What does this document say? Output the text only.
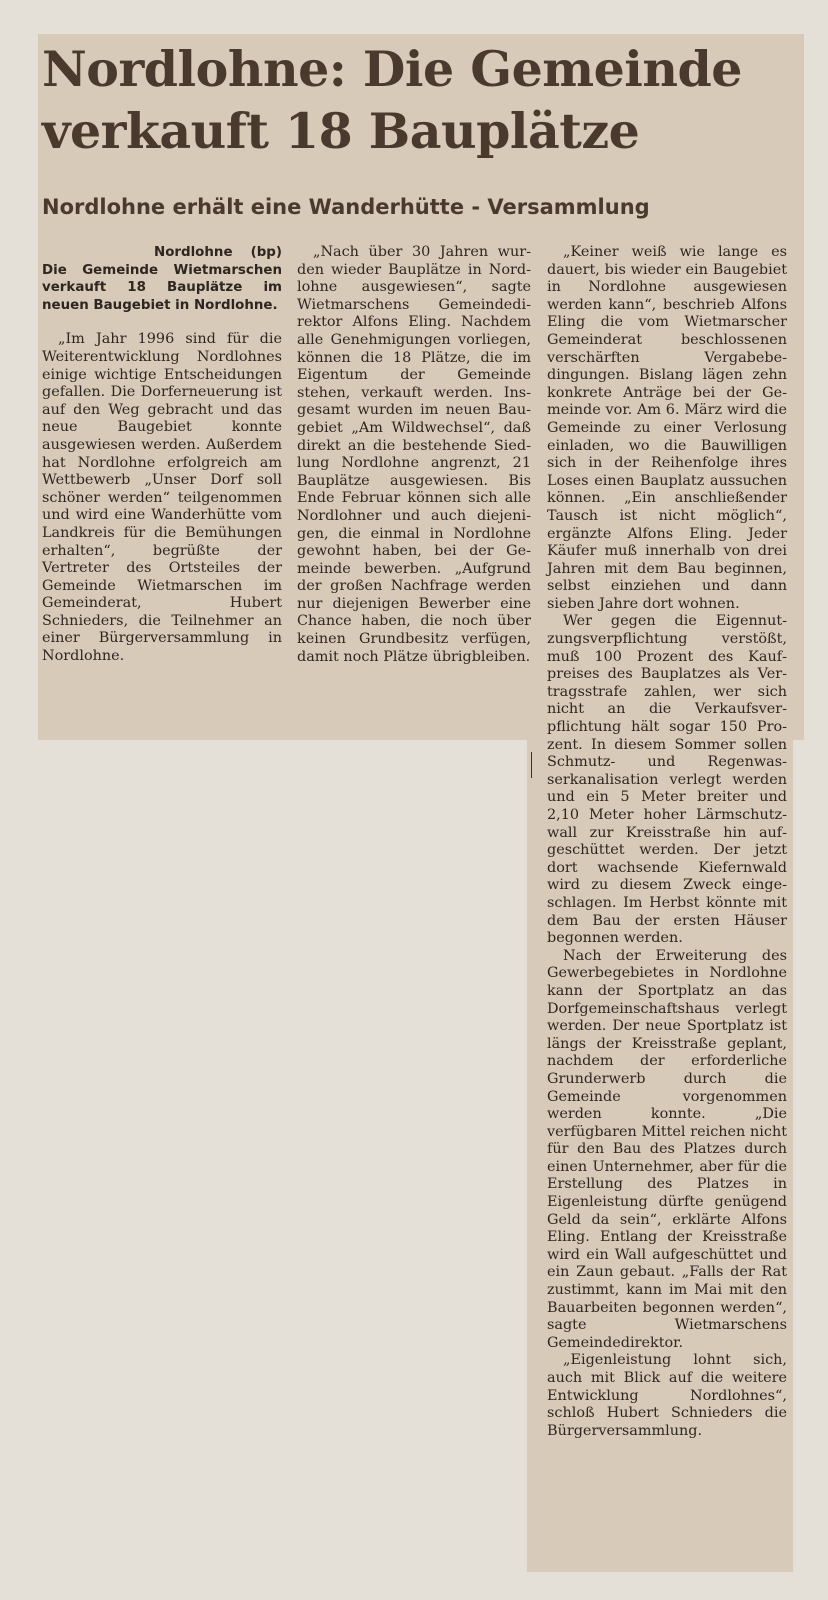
Nordlohne: Die Gemeinde verkauft 18 Bauplätze
Nordlohne erhält eine Wanderhütte - Versammlung

Nordlohne (bp) Die Gemeinde Wietmarschen verkauft 18 Bauplätze im neuen Baugebiet in Nordlohne.

„Im Jahr 1996 sind für die Weiterentwicklung Nordlohnes einige wichtige Entscheidungen gefallen. Die Dorferneuerung ist auf den Weg gebracht und das neue Baugebiet konnte ausgewiesen werden. Außerdem hat Nordlohne erfolgreich am Wettbewerb „Unser Dorf soll schöner werden“ teilgenommen und wird eine Wanderhütte vom Landkreis für die Bemühungen erhalten“, begrüßte der Vertreter des Ortsteiles der Gemeinde Wietmarschen im Gemeinderat, Hubert Schnieders, die Teilnehmer an einer Bürgerversammlung in Nordlohne.

„Nach über 30 Jahren wurden wieder Bauplätze in Nordlohne ausgewiesen“, sagte Wietmarschens Gemeindedirektor Alfons Eling. Nachdem alle Genehmigungen vorliegen, können die 18 Plätze, die im Eigentum der Gemeinde stehen, verkauft werden. Insgesamt wurden im neuen Baugebiet „Am Wildwechsel“, daß direkt an die bestehende Siedlung Nordlohne angrenzt, 21 Bauplätze ausgewiesen. Bis Ende Februar können sich alle Nordlohner und auch diejenigen, die einmal in Nordlohne gewohnt haben, bei der Gemeinde bewerben. „Aufgrund der großen Nachfrage werden nur diejenigen Bewerber eine Chance haben, die noch über keinen Grundbesitz verfügen, damit noch Plätze übrigbleiben.

„Keiner weiß wie lange es dauert, bis wieder ein Baugebiet in Nordlohne ausgewiesen werden kann“, beschrieb Alfons Eling die vom Wietmarscher Gemeinderat beschlossenen verschärften Vergabebedingungen. Bislang lägen zehn konkrete Anträge bei der Gemeinde vor. Am 6. März wird die Gemeinde zu einer Verlosung einladen, wo die Bauwilligen sich in der Reihenfolge ihres Loses einen Bauplatz aussuchen können. „Ein anschließender Tausch ist nicht möglich“, ergänzte Alfons Eling. Jeder Käufer muß innerhalb von drei Jahren mit dem Bau beginnen, selbst einziehen und dann sieben Jahre dort wohnen.

Wer gegen die Eigennutzungsverpflichtung verstößt, muß 100 Prozent des Kaufpreises des Bauplatzes als Vertragsstrafe zahlen, wer sich nicht an die Verkaufsverpflichtung hält sogar 150 Prozent. In diesem Sommer sollen Schmutz- und Regenwasserkanalisation verlegt werden und ein 5 Meter breiter und 2,10 Meter hoher Lärmschutzwall zur Kreisstraße hin aufgeschüttet werden. Der jetzt dort wachsende Kiefernwald wird zu diesem Zweck eingeschlagen. Im Herbst könnte mit dem Bau der ersten Häuser begonnen werden.

Nach der Erweiterung des Gewerbegebietes in Nordlohne kann der Sportplatz an das Dorfgemeinschaftshaus verlegt werden. Der neue Sportplatz ist längs der Kreisstraße geplant, nachdem der erforderliche Grunderwerb durch die Gemeinde vorgenommen werden konnte. „Die verfügbaren Mittel reichen nicht für den Bau des Platzes durch einen Unternehmer, aber für die Erstellung des Platzes in Eigenleistung dürfte genügend Geld da sein“, erklärte Alfons Eling. Entlang der Kreisstraße wird ein Wall aufgeschüttet und ein Zaun gebaut. „Falls der Rat zustimmt, kann im Mai mit den Bauarbeiten begonnen werden“, sagte Wietmarschens Gemeindedirektor.

„Eigenleistung lohnt sich, auch mit Blick auf die weitere Entwicklung Nordlohnes“, schloß Hubert Schnieders die Bürgerversammlung.
